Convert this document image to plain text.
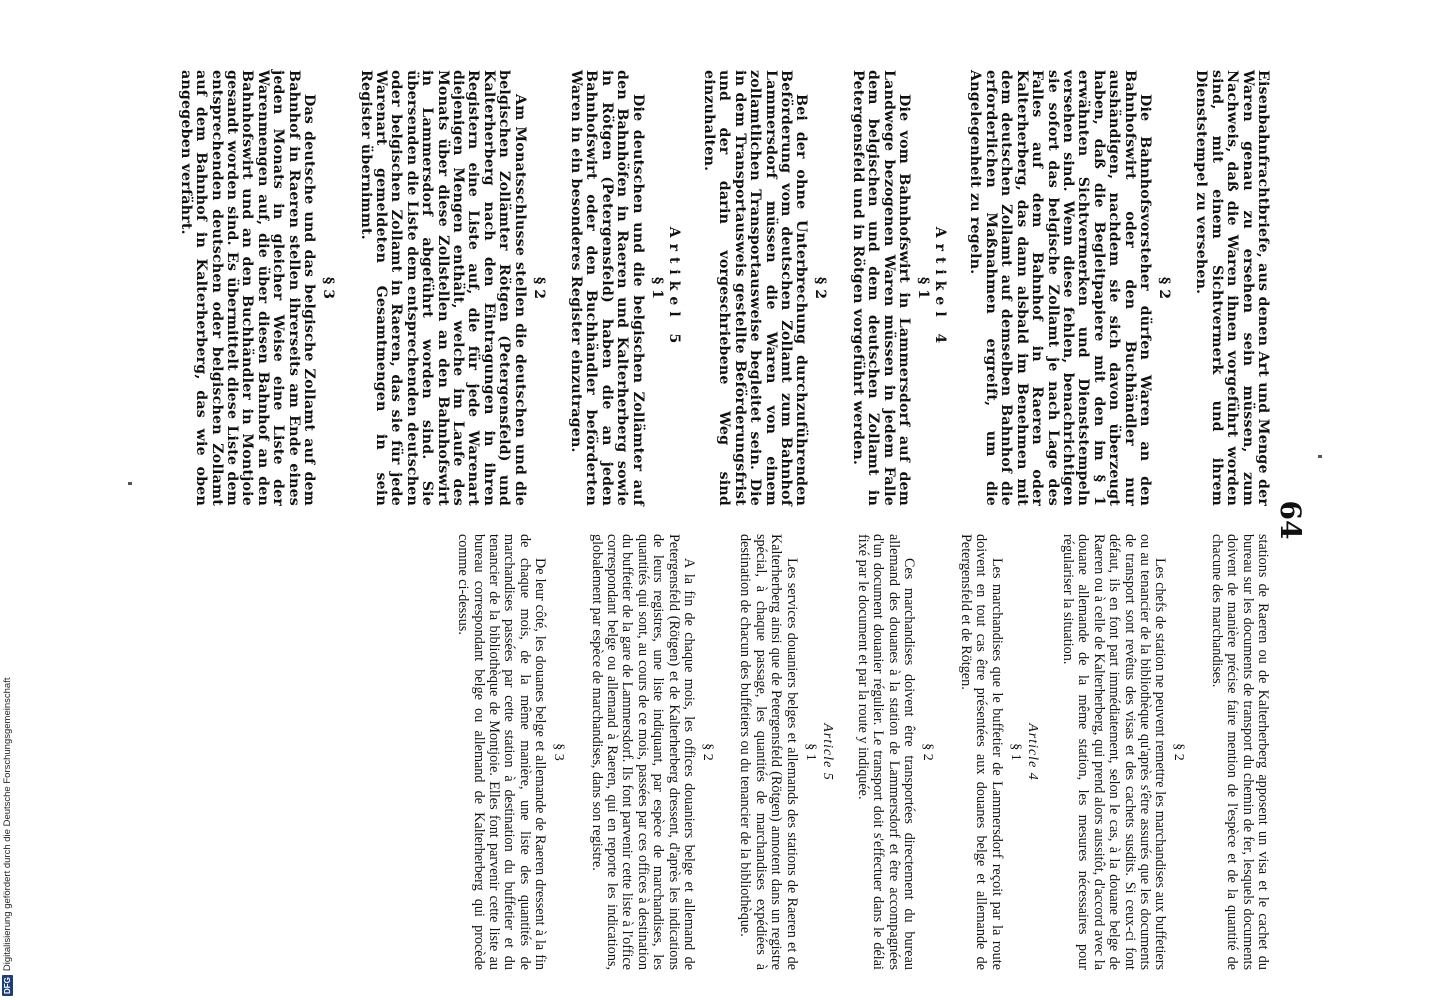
64

Eisenbahnfrachtbriefe, aus denen Art und Menge der Waren genau zu ersehen sein müssen, zum Nachweis, daß die Waren ihnen vorgeführt worden sind, mit einem Sichtvermerk und ihrem Dienststempel zu versehen.

§ 2

Die Bahnhofsvorsteher dürfen Waren an den Bahnhofswirt oder den Buchhändler nur aushändigen, nachdem sie sich davon überzeugt haben, daß die Begleitpapiere mit den im § 1 erwähnten Sichtvermerken und Dienststempeln versehen sind. Wenn diese fehlen, benachrichtigen sie sofort das belgische Zollamt je nach Lage des Falles auf dem Bahnhof in Raeren oder Kalterherberg, das dann alsbald im Benehmen mit dem deutschen Zollamt auf demselben Bahnhof die erforderlichen Maßnahmen ergreift, um die Angelegenheit zu regeln.

Artikel 4
§ 1

Die vom Bahnhofswirt in Lammersdorf auf dem Landwege bezogenen Waren müssen in jedem Falle dem belgischen und dem deutschen Zollamt in Petergensfeld und in Rötgen vorgeführt werden.

§ 2

Bei der ohne Unterbrechung durchzuführenden Beförderung vom deutschen Zollamt zum Bahnhof Lammersdorf müssen die Waren von einem zollamtlichen Transportausweise begleitet sein. Die in dem Transportausweis gestellte Beförderungsfrist und der darin vorgeschriebene Weg sind einzuhalten.

Artikel 5
§ 1

Die deutschen und die belgischen Zollämter auf den Bahnhöfen in Raeren und Kalterherberg sowie in Rötgen (Petergensfeld) haben die an jeden Bahnhofswirt oder den Buchhändler beförderten Waren in ein besonderes Register einzutragen.

§ 2

Am Monatsschlusse stellen die deutschen und die belgischen Zollämter Rötgen (Petergensfeld) und Kalterherberg nach den Eintragungen in ihren Registern eine Liste auf, die für jede Warenart diejenigen Mengen enthält, welche im Laufe des Monats über diese Zollstellen an den Bahnhofswirt in Lammersdorf abgeführt worden sind. Sie übersenden die Liste dem entsprechenden deutschen oder belgischen Zollamt in Raeren, das sie für jede Warenart gemeldeten Gesamtmengen in sein Register übernimmt.

§ 3

Das deutsche und das belgische Zollamt auf dem Bahnhof in Raeren stellen ihrerseits am Ende eines jeden Monats in gleicher Weise eine Liste der Warenmengen auf, die über diesen Bahnhof an den Bahnhofswirt und an den Buchhändler in Montjoie gesandt worden sind. Es übermittelt diese Liste dem entsprechenden deutschen oder belgischen Zollamt auf dem Bahnhof in Kalterherberg, das wie oben angegeben verfährt.

stations de Raeren ou de Kalterherberg apposent un visa et le cachet du bureau sur les documents de transport du chemin de fer, lesquels documents doivent de manière précise faire mention de l'espèce et de la quantité de chacune des marchandises.

§ 2

Les chefs de station ne peuvent remettre les marchandises aux buffetiers ou au tenancier de la bibliothèque qu'après s'être assurés que les documents de transport sont revêtus des visas et des cachets susdits. Si ceux-ci font défaut, ils en font part immédiatement, selon le cas, à la douane belge de Raeren ou à celle de Kalterherberg, qui prend alors aussitôt, d'accord avec la douane allemande de la même station, les mesures nécessaires pour régulariser la situation.

Article 4
§ 1

Les marchandises que le buffetier de Lammersdorf reçoit par la route doivent en tout cas être présentées aux douanes belge et allemande de Petergensfeld et de Rötgen.

§ 2

Ces marchandises doivent être transportées directement du bureau allemand des douanes à la station de Lammersdorf et être accompagnées d'un document douanier régulier. Le transport doit s'effectuer dans le délai fixé par le document et par la route y indiquée.

Article 5
§ 1

Les services douaniers belges et allemands des stations de Raeren et de Kalterherberg ainsi que de Petergensfeld (Rötgen) annotent dans un registre spécial, à chaque passage, les quantités de marchandises expédiées à destination de chacun des buffetiers ou du tenancier de la bibliothèque.

§ 2

A la fin de chaque mois, les offices douaniers belge et allemand de Petergensfeld (Rötgen) et de Kalterherberg dressent, d'après les indications de leurs registres, une liste indiquant, par espèce de marchandises, les quantités qui sont, au cours de ce mois, passées par ces offices à destination du buffetier de la gare de Lammersdorf. Ils font parvenir cette liste à l'office correspondant belge ou allemand à Raeren, qui en reporte les indications, globalement par espèce de marchandises, dans son registre.

§ 3

De leur côté, les douanes belge et allemande de Raeren dressent à la fin de chaque mois, de la même manière, une liste des quantités de marchandises passées par cette station à destination du buffetier et du tenancier de la bibliothèque de Montjoie. Elles font parvenir cette liste au bureau correspondant belge ou allemand de Kalterherberg qui procède comme ci-dessus.

DFG
Digitalisierung gefördert durch die Deutsche Forschungsgemeinschaft
